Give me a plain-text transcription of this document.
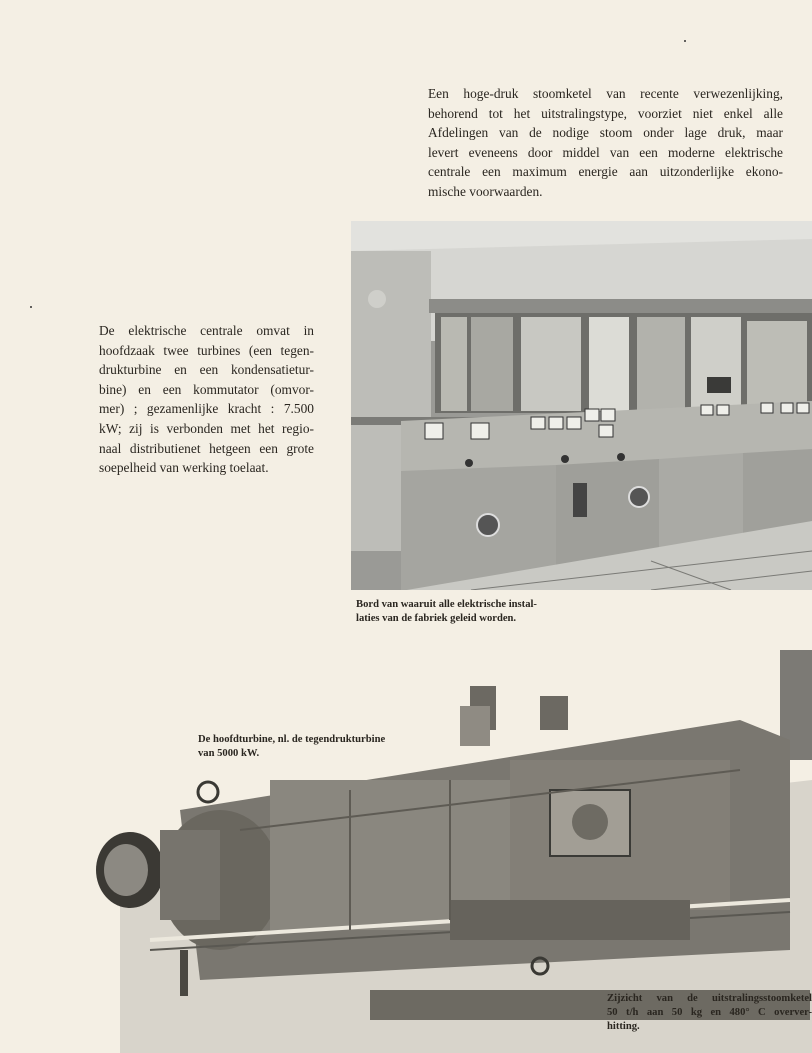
Een hoge-druk stoomketel van recente verwezenlijking,
behorend tot het uitstralingstype, voorziet niet enkel alle
Afdelingen van de nodige stoom onder lage druk, maar
levert eveneens door middel van een moderne elektrische
centrale een maximum energie aan uitzonderlijke ekono-
mische voorwaarden.
De elektrische centrale omvat in
hoofdzaak twee turbines (een tegen-
drukturbine en een kondensatietur-
bine) en een kommutator (omvor-
mer) ; gezamenlijke kracht : 7.500
kW; zij is verbonden met het regio-
naal distributienet hetgeen een grote
soepelheid van werking toelaat.
Bord van waaruit alle elektrische instal-
laties van de fabriek geleid worden.
De hoofdturbine, nl. de tegendrukturbine
van 5000 kW.
Zijzicht van de uitstralingsstoomketel
50 t/h aan 50 kg en 480° C overver-
hitting.
